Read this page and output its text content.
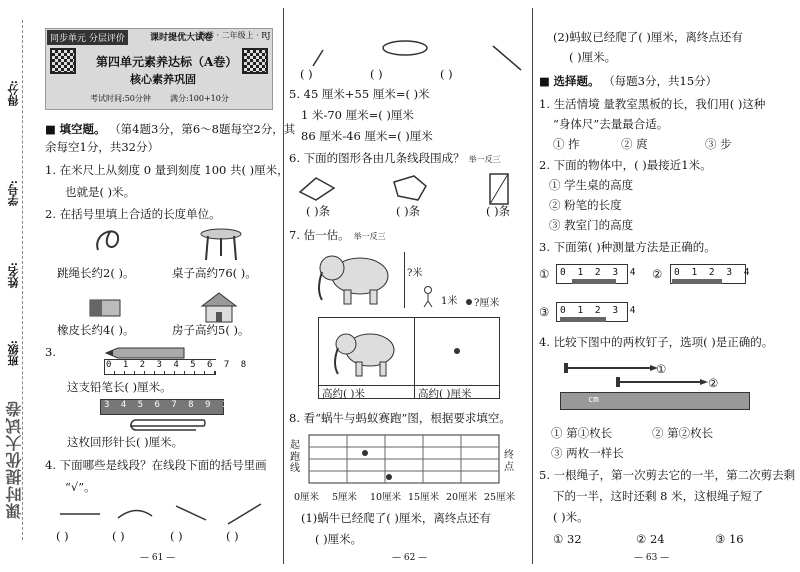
得分:
学号:
姓名:
班级:
课时提优大试卷
同步单元 分层评价	课时提优大试卷
数学 · 二年级上 · RJ
第四单元素养达标（A卷）
核心素养巩固
考试时间:50分钟 满分:100+10分
■ 填空题。 （第4题3分，第6～8题每空2分，其
余每空1分，共32分）
1. 在米尺上从刻度 0 量到刻度 100 共( )厘米，
也就是( )米。
2. 在括号里填上合适的长度单位。
跳绳长约2( )。	桌子高约76( )。
橡皮长约4( )。	房子高约5( )。
3.
0 1 2 3 4 5 6 7 8
这支铅笔长( )厘米。
3 4 5 6 7 8 9 10 11
这枚回形针长( )厘米。
4. 下面哪些是线段？在线段下面的括号里画
“√”。
( )	( )	( )	( )
— 61 —
( )	( )	( )
5. 45 厘米+55 厘米=( )米
1 米-70 厘米=( )厘米
86 厘米-46 厘米=( )厘米
6. 下面的图形各由几条线段围成？ 举一反三
( )条	( )条	( )条
7. 估一估。 举一反三
?米
1米 ?厘米
高约( )米	高约( )厘米
8. 看“蜗牛与蚂蚁赛跑”图，根据要求填空。
起跑线
终点
0厘米 5厘米 10厘米 15厘米 20厘米 25厘米
(1)蜗牛已经爬了( )厘米，离终点还有
( )厘米。
— 62 —
(2)蚂蚁已经爬了( )厘米，离终点还有
( )厘米。
■ 选择题。 （每题3分，共15分）
1. 生活情境 量教室黑板的长，我们用( )这种
“身体尺”去量最合适。
① 拃	② 庹	③ 步
2. 下面的物体中，( )最接近1米。
① 学生桌的高度
② 粉笔的长度
③ 教室门的高度
3. 下面第( )种测量方法是正确的。
① 0 1 2 3 4 ② 0 1 2 3 4
③ 0 1 2 3 4
4. 比较下图中的两枚钉子，选项( )是正确的。
①
②
cm
① 第①枚长	② 第②枚长
③ 两枚一样长
5. 一根绳子，第一次剪去它的一半，第二次剪去剩
下的一半，这时还剩 8 米，这根绳子短了
( )米。
① 32	② 24	③ 16
— 63 —
